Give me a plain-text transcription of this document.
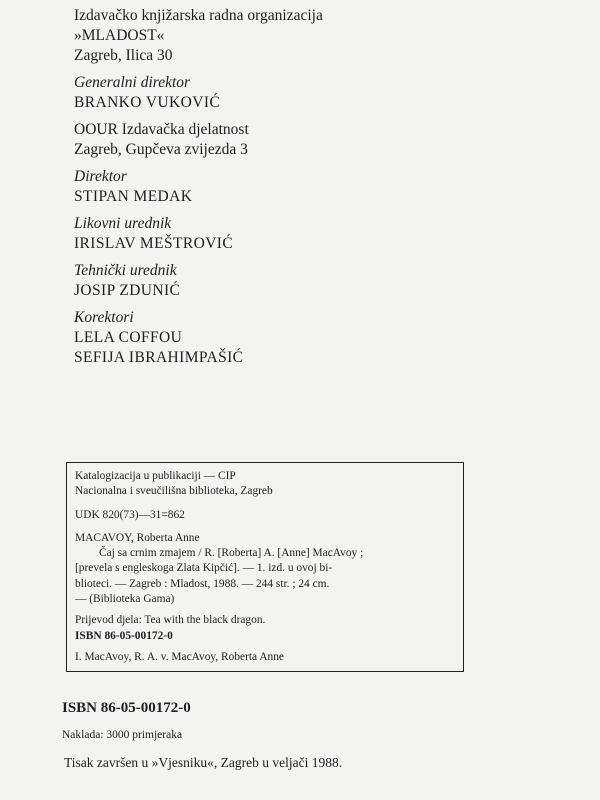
Izdavačko knjižarska radna organizacija
»MLADOST«
Zagreb, Ilica 30
Generalni direktor
BRANKO VUKOVIĆ
OOUR Izdavačka djelatnost
Zagreb, Gupčeva zvijezda 3
Direktor
STIPAN MEDAK
Likovni urednik
IRISLAV MEŠTROVIĆ
Tehnički urednik
JOSIP ZDUNIĆ
Korektori
LELA COFFOU
SEFIJA IBRAHIMPAŠIĆ
Katalogizacija u publikaciji — CIP
Nacionalna i sveučilišna biblioteka, Zagreb
UDK 820(73)—31=862
MACAVOY, Roberta Anne
Čaj sa crnim zmajem / R. [Roberta] A. [Anne] MacAvoy ;
[prevela s engleskoga Zlata Kipčić]. — 1. izd. u ovoj bi-
blioteci. — Zagreb : Mladost, 1988. — 244 str. ; 24 cm.
— (Biblioteka Gama)
Prijevod djela: Tea with the black dragon.
ISBN 86-05-00172-0
I. MacAvoy, R. A. v. MacAvoy, Roberta Anne
ISBN 86-05-00172-0
Naklada: 3000 primjeraka
Tisak završen u »Vjesniku«, Zagreb u veljači 1988.
